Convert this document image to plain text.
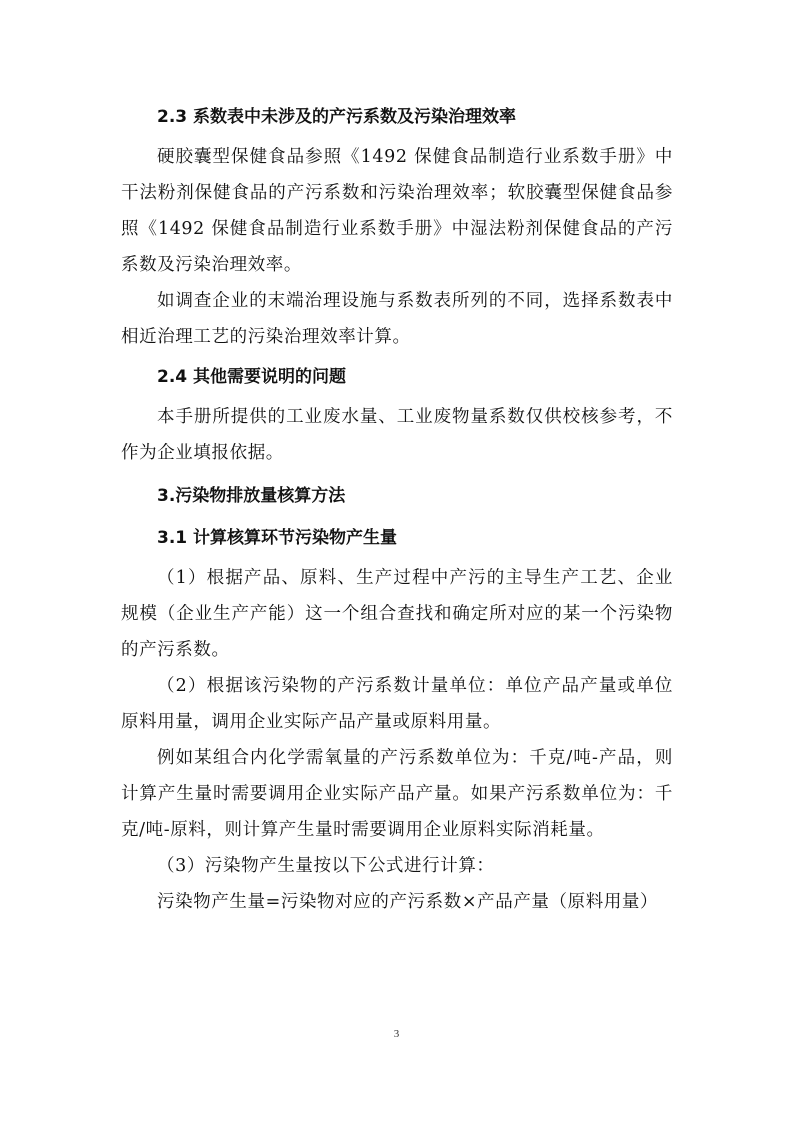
2.3 系数表中未涉及的产污系数及污染治理效率

硬胶囊型保健食品参照《1492 保健食品制造行业系数手册》中干法粉剂保健食品的产污系数和污染治理效率；软胶囊型保健食品参照《1492 保健食品制造行业系数手册》中湿法粉剂保健食品的产污系数及污染治理效率。

如调查企业的末端治理设施与系数表所列的不同，选择系数表中相近治理工艺的污染治理效率计算。

2.4 其他需要说明的问题

本手册所提供的工业废水量、工业废物量系数仅供校核参考，不作为企业填报依据。

3.污染物排放量核算方法
3.1 计算核算环节污染物产生量

（1）根据产品、原料、生产过程中产污的主导生产工艺、企业规模（企业生产产能）这一个组合查找和确定所对应的某一个污染物的产污系数。

（2）根据该污染物的产污系数计量单位：单位产品产量或单位原料用量，调用企业实际产品产量或原料用量。

例如某组合内化学需氧量的产污系数单位为：千克/吨-产品，则计算产生量时需要调用企业实际产品产量。如果产污系数单位为：千克/吨-原料，则计算产生量时需要调用企业原料实际消耗量。

（3）污染物产生量按以下公式进行计算：

污染物产生量=污染物对应的产污系数×产品产量（原料用量）

3
